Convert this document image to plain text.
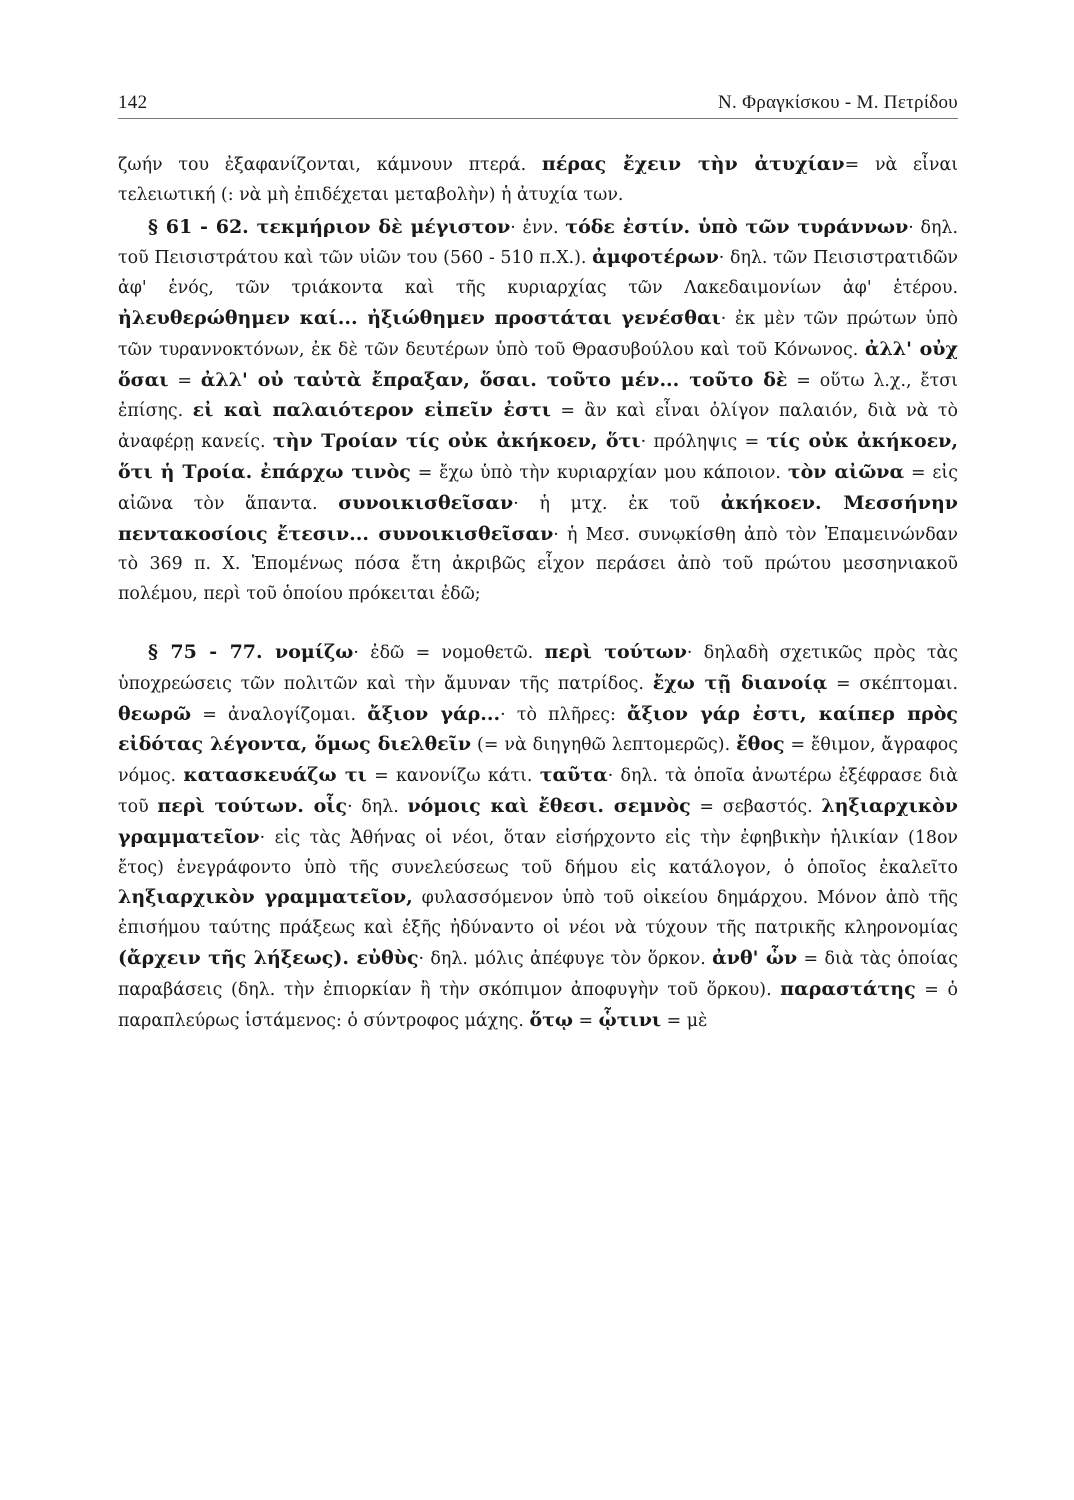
142	Ν. Φραγκίσκου - Μ. Πετρίδου

ζωήν του ἐξαφανίζονται, κάμνουν πτερά. πέρας ἔχειν τὴν ἀτυχίαν= νὰ εἶναι τελειωτική (: νὰ μὴ ἐπιδέχεται μεταβολὴν) ἡ ἀτυχία των.

§ 61 - 62. τεκμήριον δὲ μέγιστον· ἐνν. τόδε ἐστίν. ὑπὸ τῶν τυράννων· δηλ. τοῦ Πεισιστράτου καὶ τῶν υἱῶν του (560 - 510 π.Χ.). ἀμφοτέρων· δηλ. τῶν Πεισιστρατιδῶν ἀφ' ἑνός, τῶν τριάκοντα καὶ τῆς κυριαρχίας τῶν Λακεδαιμονίων ἀφ' ἑτέρου. ἠλευθερώθημεν καί... ἠξιώθημεν προστάται γενέσθαι· ἐκ μὲν τῶν πρώτων ὑπὸ τῶν τυραννοκτόνων, ἐκ δὲ τῶν δευτέρων ὑπὸ τοῦ Θρασυβούλου καὶ τοῦ Κόνωνος. ἀλλ' οὐχ ὅσαι = ἀλλ' οὐ ταὐτὰ ἔπραξαν, ὅσαι. τοῦτο μέν... τοῦτο δὲ = οὕτω λ.χ., ἔτσι ἐπίσης. εἰ καὶ παλαιότερον εἰπεῖν ἐστι = ἂν καὶ εἶναι ὀλίγον παλαιόν, διὰ νὰ τὸ ἀναφέρῃ κανείς. τὴν Τροίαν τίς οὐκ ἀκήκοεν, ὅτι· πρόληψις = τίς οὐκ ἀκήκοεν, ὅτι ἡ Τροία. ἐπάρχω τινὸς = ἔχω ὑπὸ τὴν κυριαρχίαν μου κάποιον. τὸν αἰῶνα = εἰς αἰῶνα τὸν ἅπαντα. συνοικισθεῖσαν· ἡ μτχ. ἐκ τοῦ ἀκήκοεν. Μεσσήνην πεντακοσίοις ἔτεσιν... συνοικισθεῖσαν· ἡ Μεσ. συνῳκίσθη ἀπὸ τὸν Ἐπαμεινώνδαν τὸ 369 π. Χ. Ἑπομένως πόσα ἔτη ἀκριβῶς εἶχον περάσει ἀπὸ τοῦ πρώτου μεσσηνιακοῦ πολέμου, περὶ τοῦ ὁποίου πρόκειται ἐδῶ;

§ 75 - 77. νομίζω· ἐδῶ = νομοθετῶ. περὶ τούτων· δηλαδὴ σχετικῶς πρὸς τὰς ὑποχρεώσεις τῶν πολιτῶν καὶ τὴν ἄμυναν τῆς πατρίδος. ἔχω τῇ διανοίᾳ = σκέπτομαι. θεωρῶ = ἀναλογίζομαι. ἄξιον γάρ...· τὸ πλῆρες: ἄξιον γάρ ἐστι, καίπερ πρὸς εἰδότας λέγοντα, ὅμως διελθεῖν (= νὰ διηγηθῶ λεπτομερῶς). ἔθος = ἔθιμον, ἄγραφος νόμος. κατασκευάζω τι = κανονίζω κάτι. ταῦτα· δηλ. τὰ ὁποῖα ἀνωτέρω ἐξέφρασε διὰ τοῦ περὶ τούτων. οἷς· δηλ. νόμοις καὶ ἔθεσι. σεμνὸς = σεβαστός. ληξιαρχικὸν γραμματεῖον· εἰς τὰς Ἀθήνας οἱ νέοι, ὅταν εἰσήρχοντο εἰς τὴν ἐφηβικὴν ἡλικίαν (18ον ἔτος) ἐνεγράφοντο ὑπὸ τῆς συνελεύσεως τοῦ δήμου εἰς κατάλογον, ὁ ὁποῖος ἐκαλεῖτο ληξιαρχικὸν γραμματεῖον, φυλασσόμενον ὑπὸ τοῦ οἰκείου δημάρχου. Μόνον ἀπὸ τῆς ἐπισήμου ταύτης πράξεως καὶ ἑξῆς ἠδύναντο οἱ νέοι νὰ τύχουν τῆς πατρικῆς κληρονομίας (ἄρχειν τῆς λήξεως). εὐθὺς· δηλ. μόλις ἀπέφυγε τὸν ὅρκον. ἀνθ' ὧν = διὰ τὰς ὁποίας παραβάσεις (δηλ. τὴν ἐπιορκίαν ἢ τὴν σκόπιμον ἀποφυγὴν τοῦ ὅρκου). παραστάτης = ὁ παραπλεύρως ἱστάμενος: ὁ σύντροφος μάχης. ὅτῳ = ᾧτινι = μὲ
